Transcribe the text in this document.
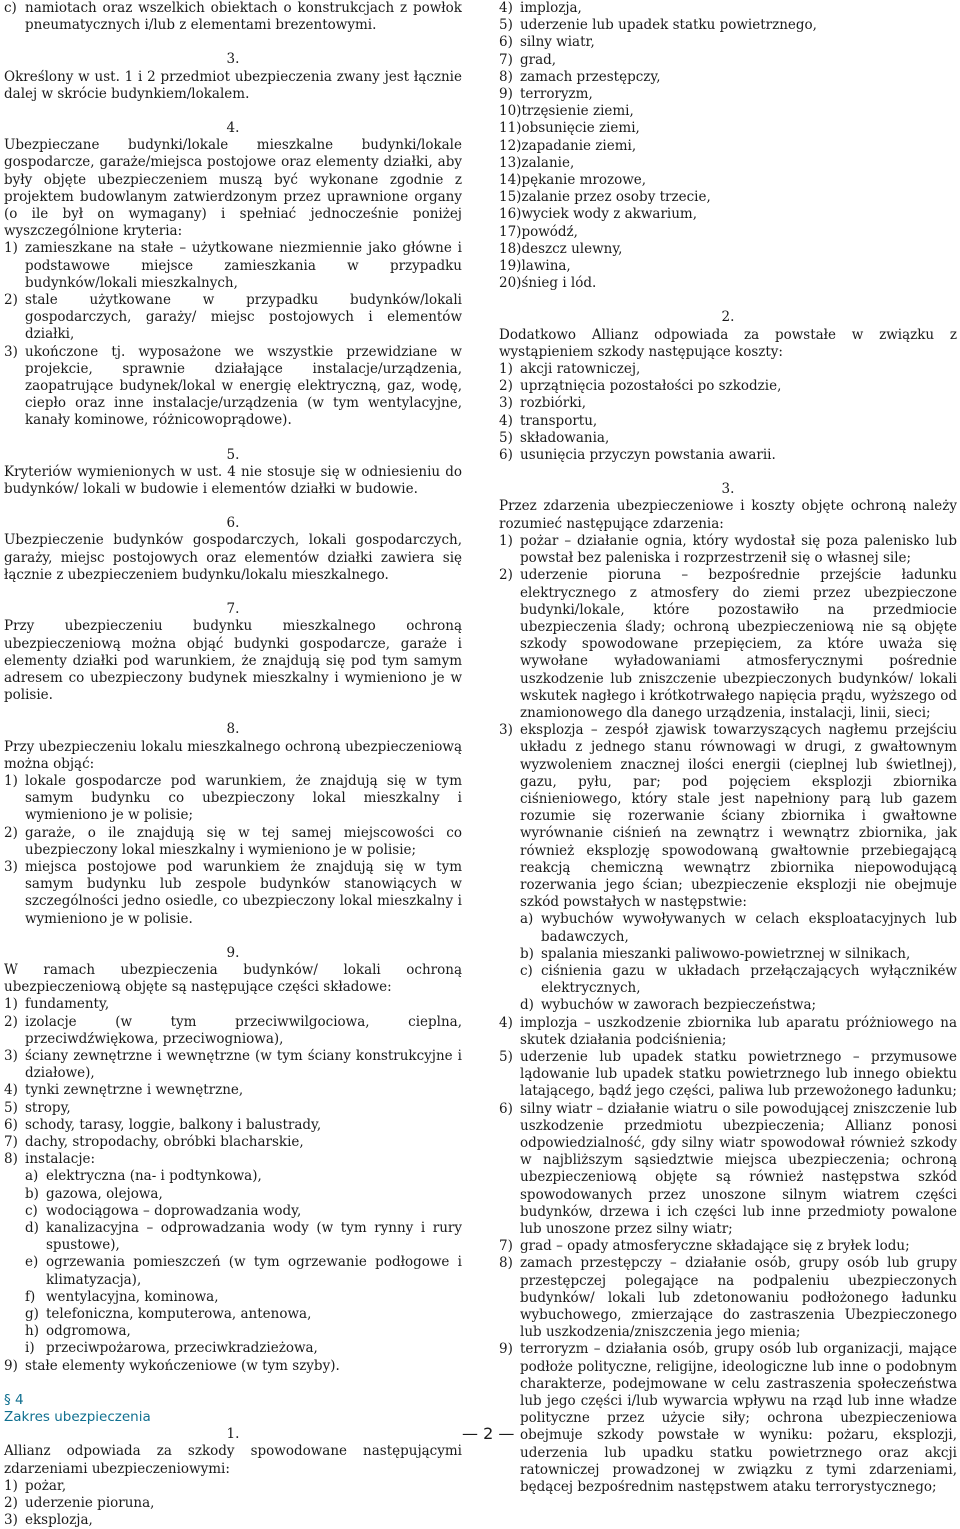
c) namiotach oraz wszelkich obiektach o konstrukcjach z powłok pneumatycznych i/lub z elementami brezentowymi.

3.

Określony w ust. 1 i 2 przedmiot ubezpieczenia zwany jest łącznie dalej w skrócie budynkiem/lokalem.

4.

Ubezpieczane budynki/lokale mieszkalne budynki/lokale gospodarcze, garaże/miejsca postojowe oraz elementy działki, aby były objęte ubezpieczeniem muszą być wykonane zgodnie z projektem budowlanym zatwierdzonym przez uprawnione organy (o ile był on wymagany) i spełniać jednocześnie poniżej wyszczególnione kryteria:

1) zamieszkane na stałe – użytkowane niezmiennie jako główne i podstawowe miejsce zamieszkania w przypadku budynków/lokali mieszkalnych,
2) stale użytkowane w przypadku budynków/lokali gospodarczych, garaży/ miejsc postojowych i elementów działki,
3) ukończone tj. wyposażone we wszystkie przewidziane w projekcie, sprawnie działające instalacje/urządzenia, zaopatrujące budynek/lokal w energię elektryczną, gaz, wodę, ciepło oraz inne instalacje/urządzenia (w tym wentylacyjne, kanały kominowe, różnicowoprądowe).

5.

Kryteriów wymienionych w ust. 4 nie stosuje się w odniesieniu do budynków/ lokali w budowie i elementów działki w budowie.

6.

Ubezpieczenie budynków gospodarczych, lokali gospodarczych, garaży, miejsc postojowych oraz elementów działki zawiera się łącznie z ubezpieczeniem budynku/lokalu mieszkalnego.

7.

Przy ubezpieczeniu budynku mieszkalnego ochroną ubezpieczeniową można objąć budynki gospodarcze, garaże i elementy działki pod warunkiem, że znajdują się pod tym samym adresem co ubezpieczony budynek mieszkalny i wymieniono je w polisie.

8.

Przy ubezpieczeniu lokalu mieszkalnego ochroną ubezpieczeniową można objąć:

1) lokale gospodarcze pod warunkiem, że znajdują się w tym samym budynku co ubezpieczony lokal mieszkalny i wymieniono je w polisie;
2) garaże, o ile znajdują się w tej samej miejscowości co ubezpieczony lokal mieszkalny i wymieniono je w polisie;
3) miejsca postojowe pod warunkiem że znajdują się w tym samym budynku lub zespole budynków stanowiących w szczególności jedno osiedle, co ubezpieczony lokal mieszkalny i wymieniono je w polisie.

9.

W ramach ubezpieczenia budynków/ lokali ochroną ubezpieczeniową objęte są następujące części składowe:

1) fundamenty,
2) izolacje (w tym przeciwwilgociowa, cieplna, przeciwdźwiękowa, przeciwogniowa),
3) ściany zewnętrzne i wewnętrzne (w tym ściany konstrukcyjne i działowe),
4) tynki zewnętrzne i wewnętrzne,
5) stropy,
6) schody, tarasy, loggie, balkony i balustrady,
7) dachy, stropodachy, obróbki blacharskie,
8) instalacje:
a) elektryczna (na- i podtynkowa),
b) gazowa, olejowa,
c) wodociągowa – doprowadzania wody,
d) kanalizacyjna – odprowadzania wody (w tym rynny i rury spustowe),
e) ogrzewania pomieszczeń (w tym ogrzewanie podłogowe i klimatyzacja),
f) wentylacyjna, kominowa,
g) telefoniczna, komputerowa, antenowa,
h) odgromowa,
i) przeciwpożarowa, przeciwkradzieżowa,
9) stałe elementy wykończeniowe (w tym szyby).
§ 4
Zakres ubezpieczenia

1.

Allianz odpowiada za szkody spowodowane następującymi zdarzeniami ubezpieczeniowymi:

1) pożar,
2) uderzenie pioruna,
3) eksplozja,
4) implozja,
5) uderzenie lub upadek statku powietrznego,
6) silny wiatr,
7) grad,
8) zamach przestępczy,
9) terroryzm,
10) trzęsienie ziemi,
11) obsunięcie ziemi,
12) zapadanie ziemi,
13) zalanie,
14) pękanie mrozowe,
15) zalanie przez osoby trzecie,
16) wyciek wody z akwarium,
17) powódź,
18) deszcz ulewny,
19) lawina,
20) śnieg i lód.

2.

Dodatkowo Allianz odpowiada za powstałe w związku z wystąpieniem szkody następujące koszty:

1) akcji ratowniczej,
2) uprzątnięcia pozostałości po szkodzie,
3) rozbiórki,
4) transportu,
5) składowania,
6) usunięcia przyczyn powstania awarii.

3.

Przez zdarzenia ubezpieczeniowe i koszty objęte ochroną należy rozumieć następujące zdarzenia:

1) pożar – działanie ognia, który wydostał się poza palenisko lub powstał bez paleniska i rozprzestrzenił się o własnej sile;
2) uderzenie pioruna – bezpośrednie przejście ładunku elektrycznego z atmosfery do ziemi przez ubezpieczone budynki/lokale, które pozostawiło na przedmiocie ubezpieczenia ślady; ochroną ubezpieczeniową nie są objęte szkody spowodowane przepięciem, za które uważa się wywołane wyładowaniami atmosferycznymi pośrednie uszkodzenie lub zniszczenie ubezpieczonych budynków/ lokali wskutek nagłego i krótkotrwałego napięcia prądu, wyższego od znamionowego dla danego urządzenia, instalacji, linii, sieci;
3) eksplozja – zespół zjawisk towarzyszących nagłemu przejściu układu z jednego stanu równowagi w drugi, z gwałtownym wyzwoleniem znacznej ilości energii (cieplnej lub świetlnej), gazu, pyłu, par; pod pojęciem eksplozji zbiornika ciśnieniowego, który stale jest napełniony parą lub gazem rozumie się rozerwanie ściany zbiornika i gwałtowne wyrównanie ciśnień na zewnątrz i wewnątrz zbiornika, jak również eksplozję spowodowaną gwałtownie przebiegającą reakcją chemiczną wewnątrz zbiornika niepowodującą rozerwania jego ścian; ubezpieczenie eksplozji nie obejmuje szkód powstałych w następstwie:
a) wybuchów wywoływanych w celach eksploatacyjnych lub badawczych,
b) spalania mieszanki paliwowo-powietrznej w silnikach,
c) ciśnienia gazu w układach przełączających wyłącznikéw elektrycznych,
d) wybuchów w zaworach bezpieczeństwa;
4) implozja – uszkodzenie zbiornika lub aparatu próżniowego na skutek działania podciśnienia;
5) uderzenie lub upadek statku powietrznego – przymusowe lądowanie lub upadek statku powietrznego lub innego obiektu latającego, bądź jego części, paliwa lub przewożonego ładunku;
6) silny wiatr – działanie wiatru o sile powodującej zniszczenie lub uszkodzenie przedmiotu ubezpieczenia; Allianz ponosi odpowiedzialność, gdy silny wiatr spowodował również szkody w najbliższym sąsiedztwie miejsca ubezpieczenia; ochroną ubezpieczeniową objęte są również następstwa szkód spowodowanych przez unoszone silnym wiatrem części budynków, drzewa i ich części lub inne przedmioty powalone lub unoszone przez silny wiatr;
7) grad – opady atmosferyczne składające się z bryłek lodu;
8) zamach przestępczy – działanie osób, grupy osób lub grupy przestępczej polegające na podpaleniu ubezpieczonych budynków/ lokali lub zdetonowaniu podłożonego ładunku wybuchowego, zmierzające do zastraszenia Ubezpieczonego lub uszkodzenia/zniszczenia jego mienia;
9) terroryzm – działania osób, grupy osób lub organizacji, mające podłoże polityczne, religijne, ideologiczne lub inne o podobnym charakterze, podejmowane w celu zastraszenia społeczeństwa lub jego części i/lub wywarcia wpływu na rząd lub inne władze polityczne przez użycie siły; ochrona ubezpieczeniowa obejmuje szkody powstałe w wyniku: pożaru, eksplozji, uderzenia lub upadku statku powietrznego oraz akcji ratowniczej prowadzonej w związku z tymi zdarzeniami, będącej bezpośrednim następstwem ataku terrorystycznego;
— 2 —
